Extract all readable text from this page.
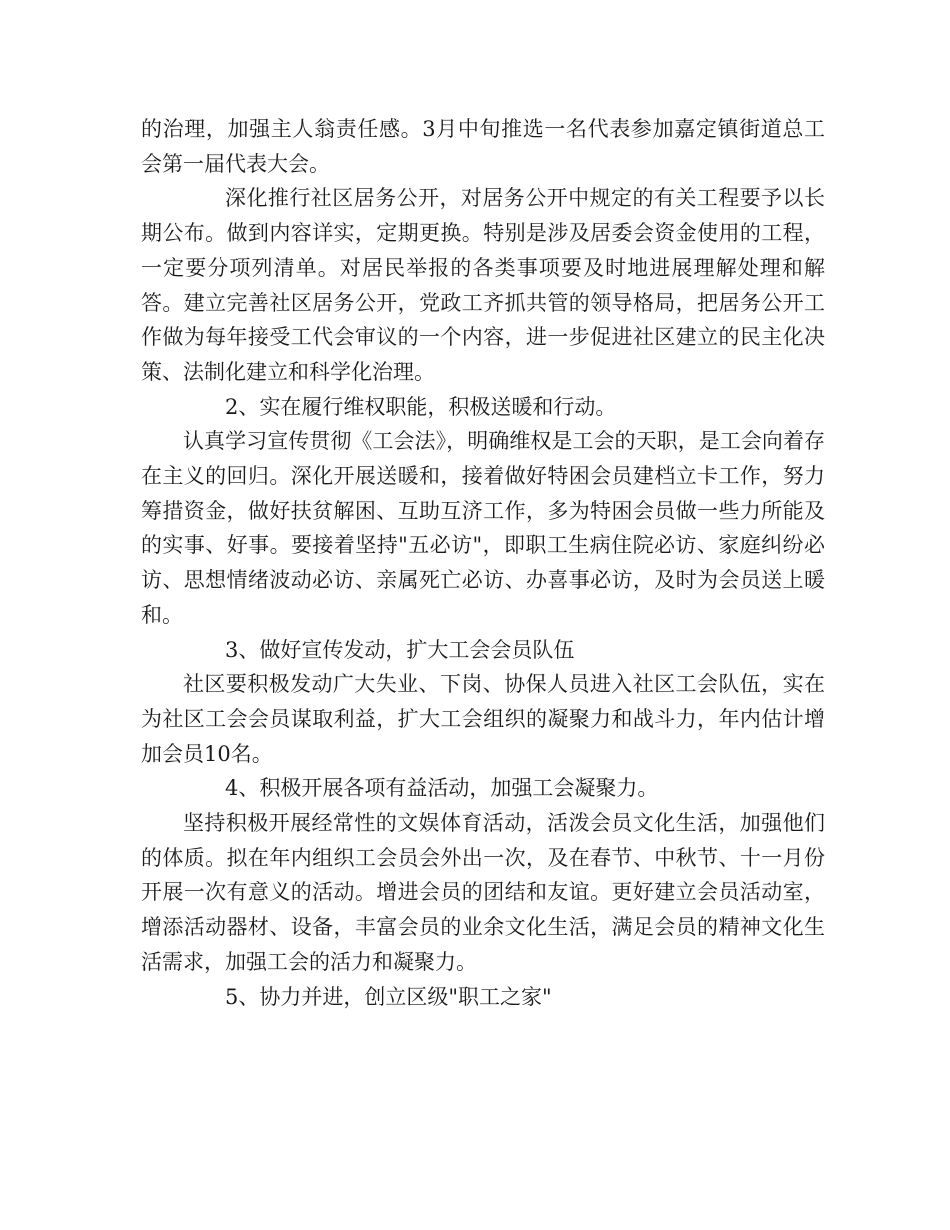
的治理，加强主人翁责任感。3月中旬推选一名代表参加嘉定镇街道总工会第一届代表大会。

深化推行社区居务公开，对居务公开中规定的有关工程要予以长期公布。做到内容详实，定期更换。特别是涉及居委会资金使用的工程，一定要分项列清单。对居民举报的各类事项要及时地进展理解处理和解答。建立完善社区居务公开，党政工齐抓共管的领导格局，把居务公开工作做为每年接受工代会审议的一个内容，进一步促进社区建立的民主化决策、法制化建立和科学化治理。

2、实在履行维权职能，积极送暖和行动。

认真学习宣传贯彻《工会法》，明确维权是工会的天职，是工会向着存在主义的回归。深化开展送暖和，接着做好特困会员建档立卡工作，努力筹措资金，做好扶贫解困、互助互济工作，多为特困会员做一些力所能及的实事、好事。要接着坚持"五必访"，即职工生病住院必访、家庭纠纷必访、思想情绪波动必访、亲属死亡必访、办喜事必访，及时为会员送上暖和。

3、做好宣传发动，扩大工会会员队伍

社区要积极发动广大失业、下岗、协保人员进入社区工会队伍，实在为社区工会会员谋取利益，扩大工会组织的凝聚力和战斗力，年内估计增加会员10名。

4、积极开展各项有益活动，加强工会凝聚力。

坚持积极开展经常性的文娱体育活动，活泼会员文化生活，加强他们的体质。拟在年内组织工会员会外出一次，及在春节、中秋节、十一月份开展一次有意义的活动。增进会员的团结和友谊。更好建立会员活动室，增添活动器材、设备，丰富会员的业余文化生活，满足会员的精神文化生活需求，加强工会的活力和凝聚力。

5、协力并进，创立区级"职工之家"
